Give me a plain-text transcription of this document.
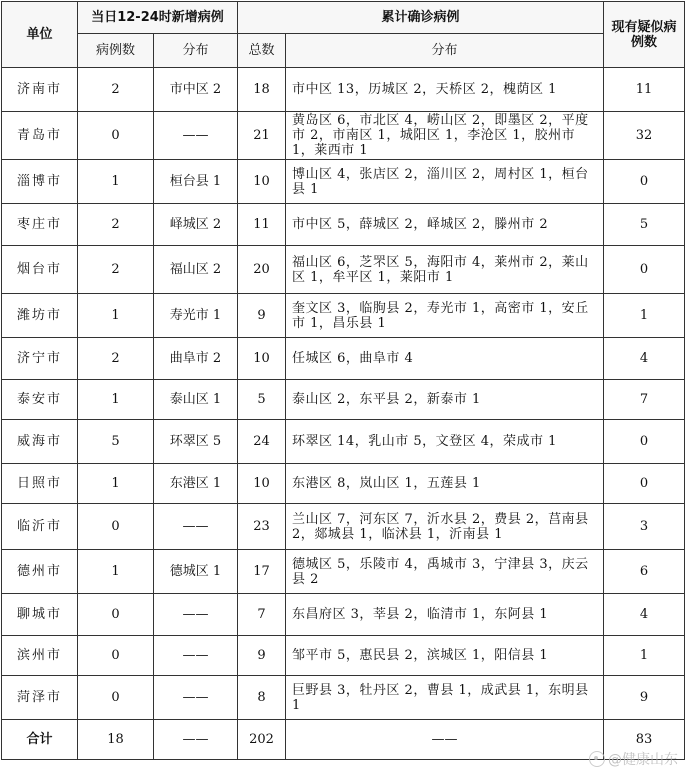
单位	当日12-24时新增病例		累计确诊病例		现有疑似病例数
	病例数	分布	总数	分布	
济南市	2	市中区 2	18	市中区 13，历城区 2，天桥区 2，槐荫区 1	11
青岛市	0	——	21	黄岛区 6，市北区 4，崂山区 2，即墨区 2，平度市 2，市南区 1，城阳区 1，李沧区 1，胶州市 1，莱西市 1	32
淄博市	1	桓台县 1	10	博山区 4，张店区 2，淄川区 2，周村区 1，桓台县 1	0
枣庄市	2	峄城区 2	11	市中区 5，薛城区 2，峄城区 2，滕州市 2	5
烟台市	2	福山区 2	20	福山区 6，芝罘区 5，海阳市 4，莱州市 2，莱山区 1，牟平区 1，莱阳市 1	0
潍坊市	1	寿光市 1	9	奎文区 3，临朐县 2，寿光市 1，高密市 1，安丘市 1，昌乐县 1	1
济宁市	2	曲阜市 2	10	任城区 6，曲阜市 4	4
泰安市	1	泰山区 1	5	泰山区 2，东平县 2，新泰市 1	7
威海市	5	环翠区 5	24	环翠区 14，乳山市 5，文登区 4，荣成市 1	0
日照市	1	东港区 1	10	东港区 8，岚山区 1，五莲县 1	0
临沂市	0	——	23	兰山区 7，河东区 7，沂水县 2，费县 2，莒南县 2，郯城县 1，临沭县 1，沂南县 1	3
德州市	1	德城区 1	17	德城区 5，乐陵市 4，禹城市 3，宁津县 3，庆云县 2	6
聊城市	0	——	7	东昌府区 3，莘县 2，临清市 1，东阿县 1	4
滨州市	0	——	9	邹平市 5，惠民县 2，滨城区 1，阳信县 1	1
菏泽市	0	——	8	巨野县 3，牡丹区 2，曹县 1，成武县 1，东明县 1	9
合计	18	——	202	——	83
@健康山东
